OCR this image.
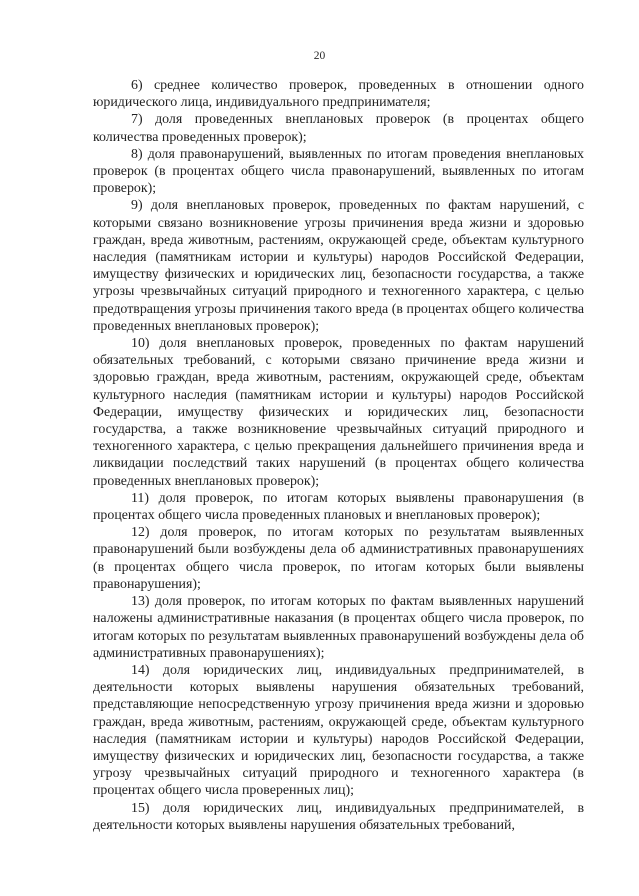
20

6) среднее количество проверок, проведенных в отношении одного юридического лица, индивидуального предпринимателя;

7) доля проведенных внеплановых проверок (в процентах общего количества проведенных проверок);

8) доля правонарушений, выявленных по итогам проведения внеплановых проверок (в процентах общего числа правонарушений, выявленных по итогам проверок);

9) доля внеплановых проверок, проведенных по фактам нарушений, с которыми связано возникновение угрозы причинения вреда жизни и здоровью граждан, вреда животным, растениям, окружающей среде, объектам культурного наследия (памятникам истории и культуры) народов Российской Федерации, имуществу физических и юридических лиц, безопасности государства, а также угрозы чрезвычайных ситуаций природного и техногенного характера, с целью предотвращения угрозы причинения такого вреда (в процентах общего количества проведенных внеплановых проверок);

10) доля внеплановых проверок, проведенных по фактам нарушений обязательных требований, с которыми связано причинение вреда жизни и здоровью граждан, вреда животным, растениям, окружающей среде, объектам культурного наследия (памятникам истории и культуры) народов Российской Федерации, имуществу физических и юридических лиц, безопасности государства, а также возникновение чрезвычайных ситуаций природного и техногенного характера, с целью прекращения дальнейшего причинения вреда и ликвидации последствий таких нарушений (в процентах общего количества проведенных внеплановых проверок);

11) доля проверок, по итогам которых выявлены правонарушения (в процентах общего числа проведенных плановых и внеплановых проверок);

12) доля проверок, по итогам которых по результатам выявленных правонарушений были возбуждены дела об административных правонарушениях (в процентах общего числа проверок, по итогам которых были выявлены правонарушения);

13) доля проверок, по итогам которых по фактам выявленных нарушений наложены административные наказания (в процентах общего числа проверок, по итогам которых по результатам выявленных правонарушений возбуждены дела об административных правонарушениях);

14) доля юридических лиц, индивидуальных предпринимателей, в деятельности которых выявлены нарушения обязательных требований, представляющие непосредственную угрозу причинения вреда жизни и здоровью граждан, вреда животным, растениям, окружающей среде, объектам культурного наследия (памятникам истории и культуры) народов Российской Федерации, имуществу физических и юридических лиц, безопасности государства, а также угрозу чрезвычайных ситуаций природного и техногенного характера (в процентах общего числа проверенных лиц);

15) доля юридических лиц, индивидуальных предпринимателей, в деятельности которых выявлены нарушения обязательных требований,
